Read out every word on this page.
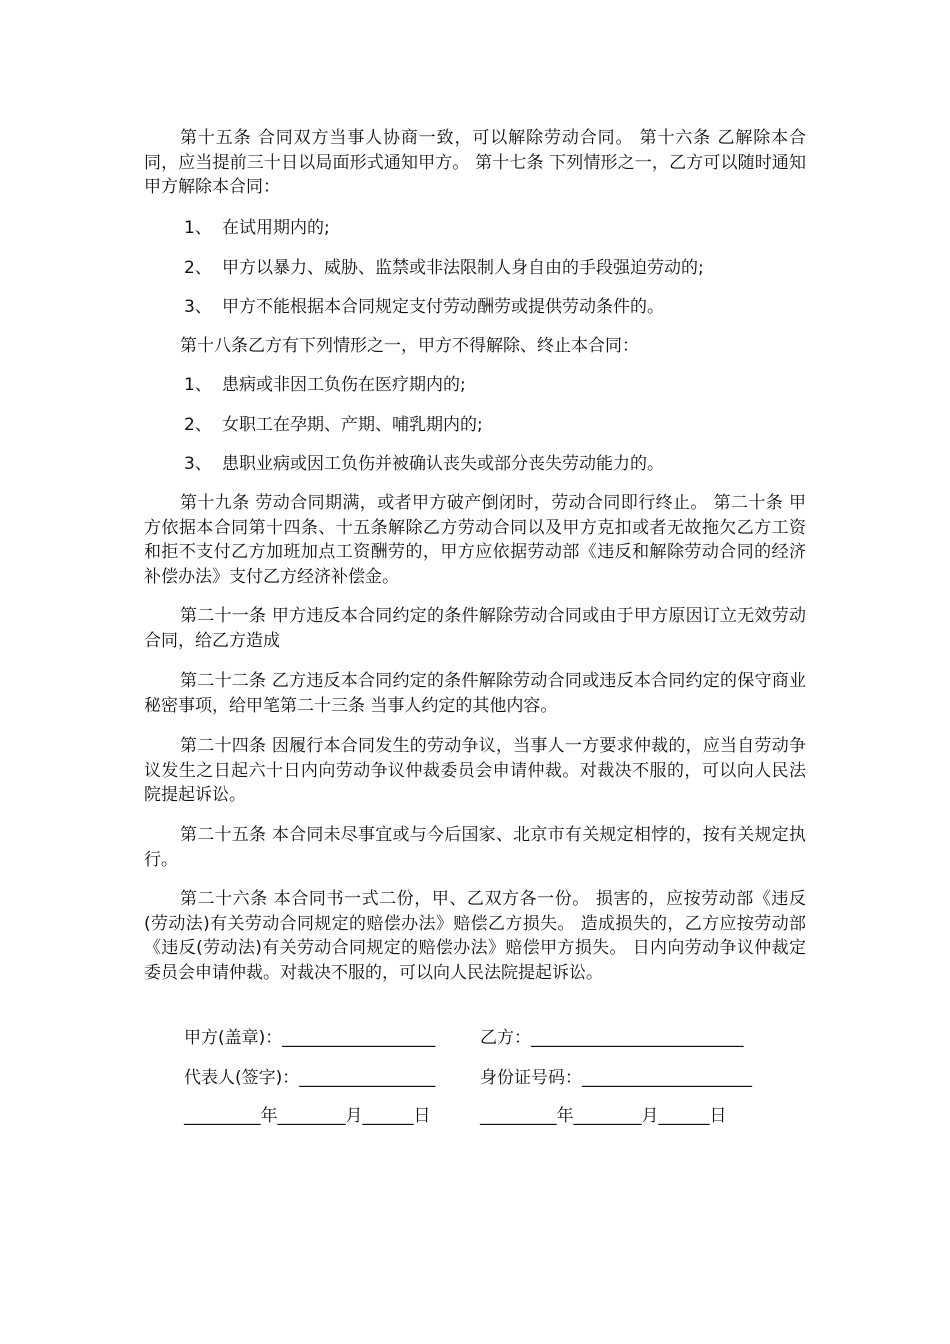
第十五条 合同双方当事人协商一致，可以解除劳动合同。 第十六条 乙解除本合同，应当提前三十日以局面形式通知甲方。 第十七条 下列情形之一，乙方可以随时通知甲方解除本合同：
1、 在试用期内的;
2、 甲方以暴力、威胁、监禁或非法限制人身自由的手段强迫劳动的;
3、 甲方不能根据本合同规定支付劳动酬劳或提供劳动条件的。
第十八条乙方有下列情形之一，甲方不得解除、终止本合同：
1、 患病或非因工负伤在医疗期内的;
2、 女职工在孕期、产期、哺乳期内的;
3、 患职业病或因工负伤并被确认丧失或部分丧失劳动能力的。
第十九条 劳动合同期满，或者甲方破产倒闭时，劳动合同即行终止。 第二十条 甲方依据本合同第十四条、十五条解除乙方劳动合同以及甲方克扣或者无故拖欠乙方工资和拒不支付乙方加班加点工资酬劳的，甲方应依据劳动部《违反和解除劳动合同的经济补偿办法》支付乙方经济补偿金。
第二十一条 甲方违反本合同约定的条件解除劳动合同或由于甲方原因订立无效劳动合同，给乙方造成
第二十二条 乙方违反本合同约定的条件解除劳动合同或违反本合同约定的保守商业秘密事项，给甲笔第二十三条 当事人约定的其他内容。
第二十四条 因履行本合同发生的劳动争议，当事人一方要求仲裁的，应当自劳动争议发生之日起六十日内向劳动争议仲裁委员会申请仲裁。对裁决不服的，可以向人民法院提起诉讼。
第二十五条 本合同未尽事宜或与今后国家、北京市有关规定相悖的，按有关规定执行。
第二十六条 本合同书一式二份，甲、乙双方各一份。 损害的，应按劳动部《违反(劳动法)有关劳动合同规定的赔偿办法》赔偿乙方损失。 造成损失的，乙方应按劳动部《违反(劳动法)有关劳动合同规定的赔偿办法》赔偿甲方损失。 日内向劳动争议仲裁定委员会申请仲裁。对裁决不服的，可以向人民法院提起诉讼。
甲方(盖章)：__________________	乙方：_________________________
代表人(签字)：________________	身份证号码：____________________
_________年________月______日	_________年________月______日
